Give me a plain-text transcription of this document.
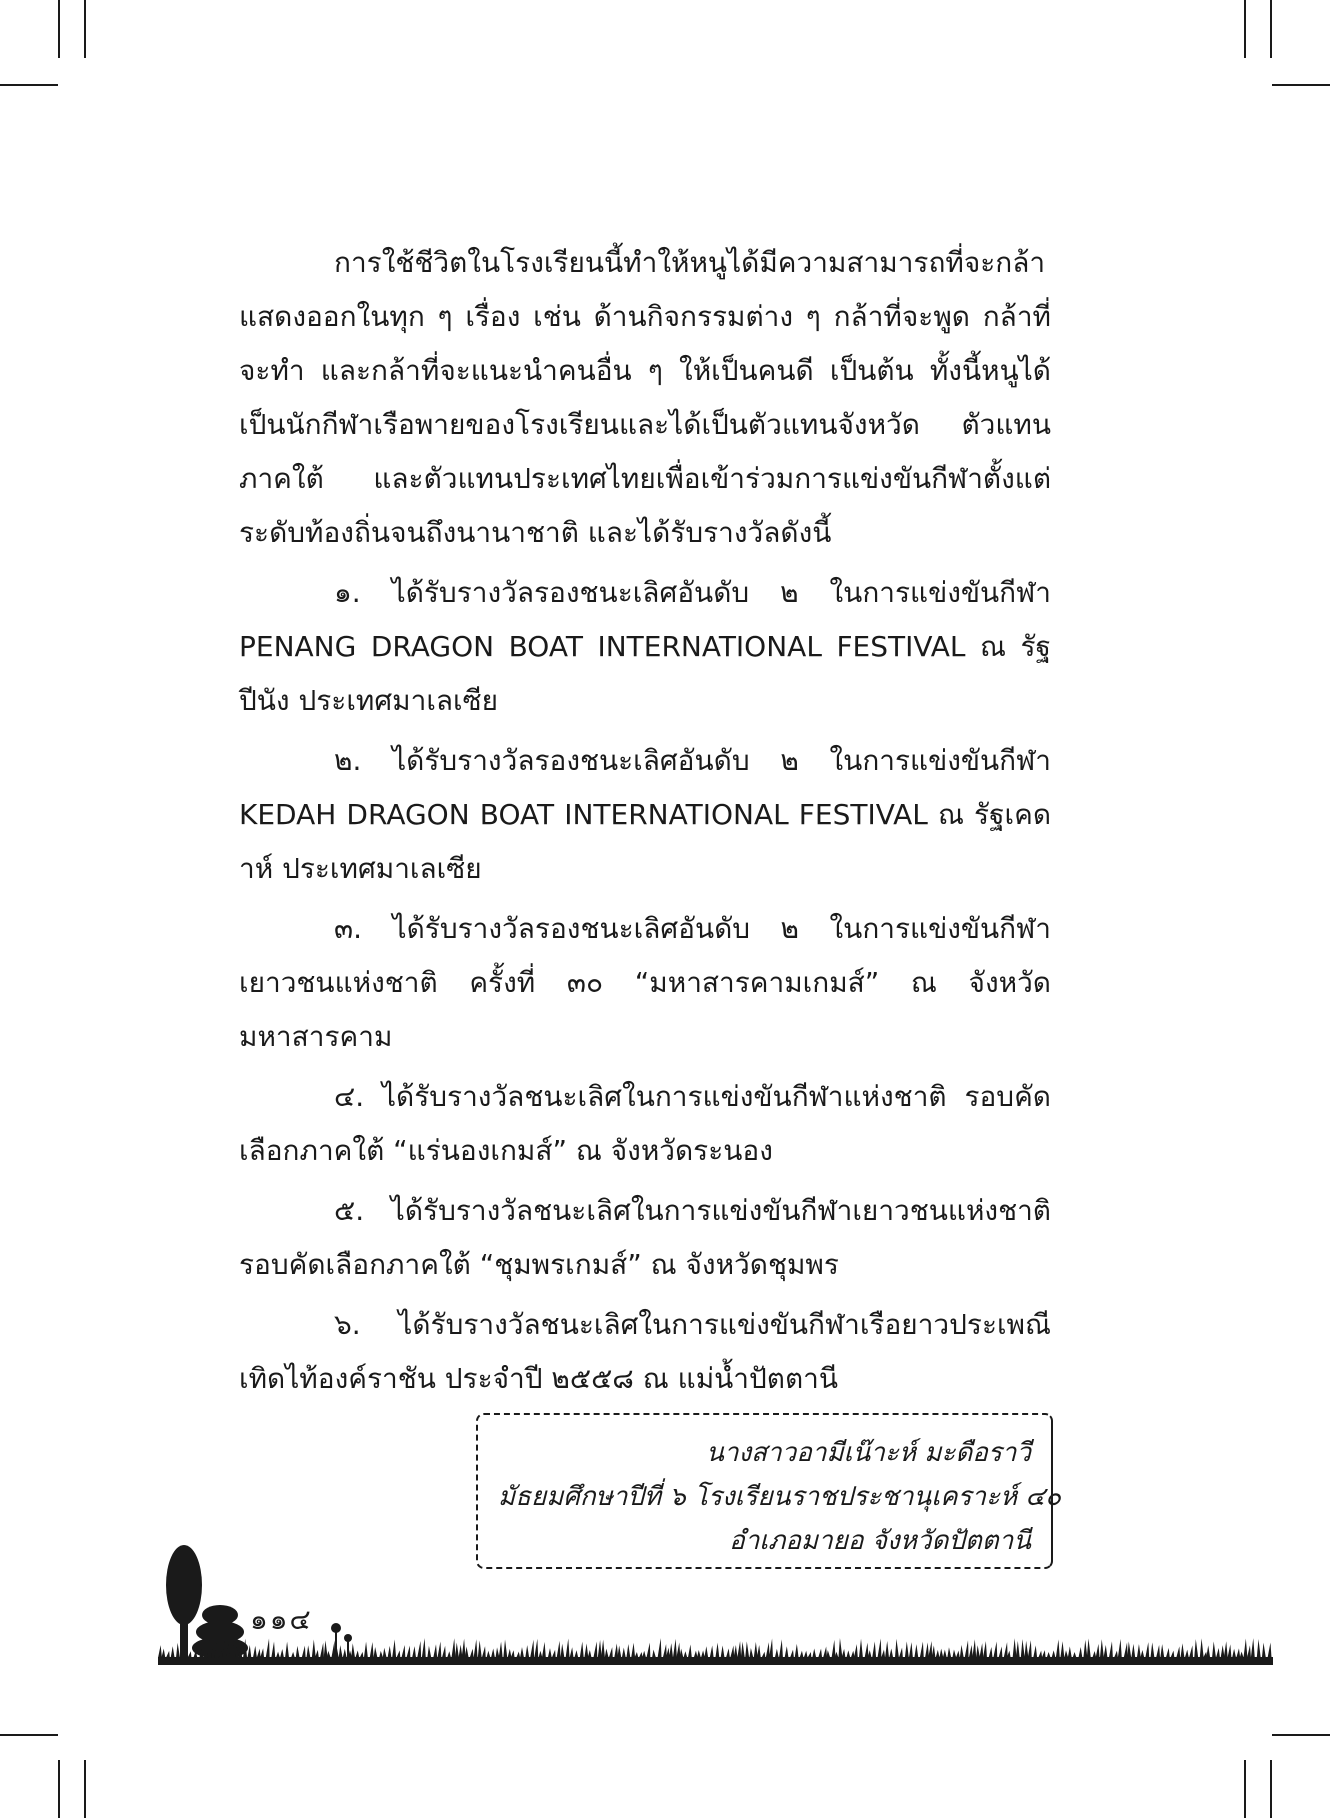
การใช้ชีวิตในโรงเรียนนี้ทำให้หนูได้มีความสามารถที่จะกล้าแสดงออกในทุก ๆ เรื่อง เช่น ด้านกิจกรรมต่าง ๆ กล้าที่จะพูด กล้าที่จะทำ และกล้าที่จะแนะนำคนอื่น ๆ ให้เป็นคนดี เป็นต้น ทั้งนี้หนูได้เป็นนักกีฬาเรือพายของโรงเรียนและได้เป็นตัวแทนจังหวัด ตัวแทนภาคใต้ และตัวแทนประเทศไทยเพื่อเข้าร่วมการแข่งขันกีฬาตั้งแต่ระดับท้องถิ่นจนถึงนานาชาติ และได้รับรางวัลดังนี้

๑. ได้รับรางวัลรองชนะเลิศอันดับ ๒ ในการแข่งขันกีฬา PENANG DRAGON BOAT INTERNATIONAL FESTIVAL ณ รัฐปีนัง ประเทศมาเลเซีย

๒. ได้รับรางวัลรองชนะเลิศอันดับ ๒ ในการแข่งขันกีฬา KEDAH DRAGON BOAT INTERNATIONAL FESTIVAL ณ รัฐเคดาห์ ประเทศมาเลเซีย

๓. ได้รับรางวัลรองชนะเลิศอันดับ ๒ ในการแข่งขันกีฬาเยาวชนแห่งชาติ ครั้งที่ ๓๐ “มหาสารคามเกมส์” ณ จังหวัดมหาสารคาม

๔. ได้รับรางวัลชนะเลิศในการแข่งขันกีฬาแห่งชาติ รอบคัดเลือกภาคใต้ “แร่นองเกมส์” ณ จังหวัดระนอง

๕. ได้รับรางวัลชนะเลิศในการแข่งขันกีฬาเยาวชนแห่งชาติรอบคัดเลือกภาคใต้ “ชุมพรเกมส์” ณ จังหวัดชุมพร

๖. ได้รับรางวัลชนะเลิศในการแข่งขันกีฬาเรือยาวประเพณีเทิดไท้องค์ราชัน ประจำปี ๒๕๕๘ ณ แม่น้ำปัตตานี

นางสาวอามีเน๊าะห์ มะดือราวี
มัธยมศึกษาปีที่ ๖ โรงเรียนราชประชานุเคราะห์ ๔๐
อำเภอมายอ จังหวัดปัตตานี
๑๑๔
